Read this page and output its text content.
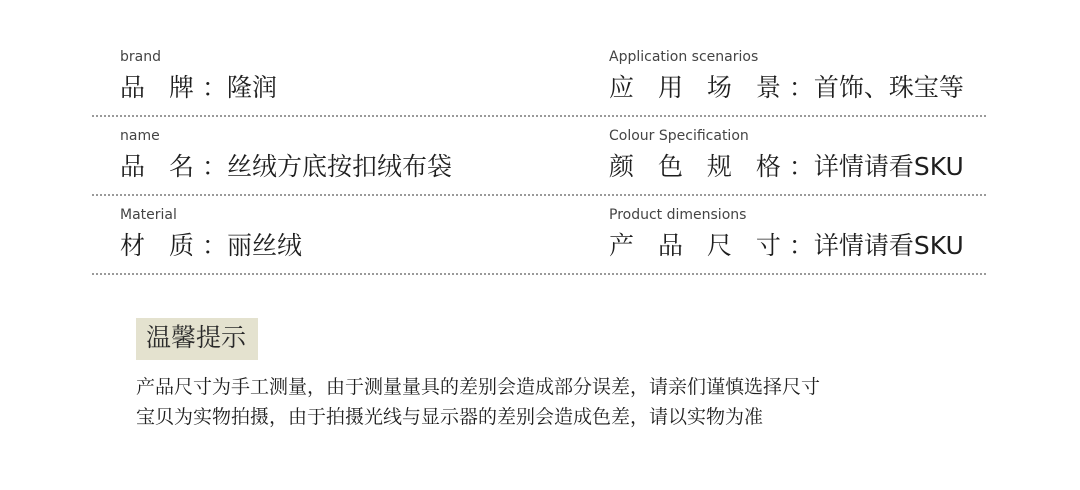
brand
品 牌：隆润
Application scenarios
应 用 场 景：首饰、珠宝等
name
品 名：丝绒方底按扣绒布袋
Colour Specification
颜 色 规 格：详情请看SKU
Material
材 质：丽丝绒
Product dimensions
产 品 尺 寸：详情请看SKU
温馨提示
产品尺寸为手工测量，由于测量量具的差别会造成部分误差，请亲们谨慎选择尺寸
宝贝为实物拍摄，由于拍摄光线与显示器的差别会造成色差，请以实物为准
